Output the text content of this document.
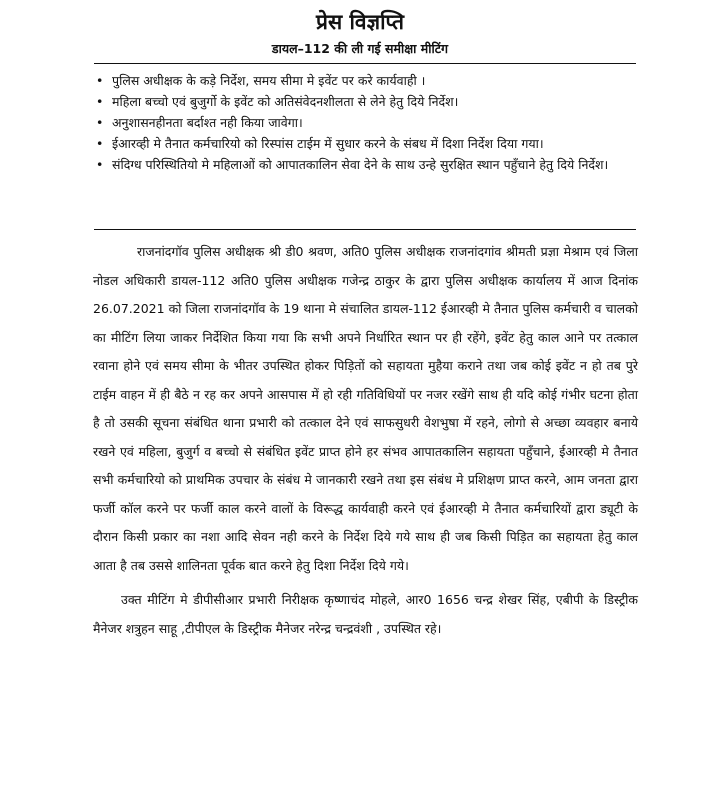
प्रेस विज्ञप्ति
डायल–112 की ली गई समीक्षा मीटिंग
• पुलिस अधीक्षक के कड़े निर्देश, समय सीमा मे इवेंट पर करे कार्यवाही ।
• महिला बच्चो एवं बुजुर्गो के इवेंट को अतिसंवेदनशीलता से लेने हेतु दिये निर्देश।
• अनुशासनहीनता बर्दाश्त नही किया जावेगा।
• ईआरव्ही मे तैनात कर्मचारियो को रिस्पांस टाईम में सुधार करने के संबध में दिशा निर्देश दिया गया।
• संदिग्ध परिस्थितियो मे महिलाओं को आपातकालिन सेवा देने के साथ उन्हे सुरक्षित स्थान पहुँचाने हेतु दिये निर्देश।

राजनांदगॉव पुलिस अधीक्षक श्री डी0 श्रवण, अति0 पुलिस अधीक्षक राजनांदगांव श्रीमती प्रज्ञा मेश्राम एवं जिला नोडल अधिकारी डायल-112 अति0 पुलिस अधीक्षक गजेन्द्र ठाकुर के द्वारा पुलिस अधीक्षक कार्यालय में आज दिनांक 26.07.2021 को जिला राजनांदगॉव के 19 थाना मे संचालित डायल-112 ईआरव्ही मे तैनात पुलिस कर्मचारी व चालको का मीटिंग लिया जाकर निर्देशित किया गया कि सभी अपने निर्धारित स्थान पर ही रहेंगे, इवेंट हेतु काल आने पर तत्काल रवाना होने एवं समय सीमा के भीतर उपस्थित होकर पिड़ितों को सहायता मुहैया कराने तथा जब कोई इवेंट न हो तब पुरे टाईम वाहन में ही बैठे न रह कर अपने आसपास में हो रही गतिविधियों पर नजर रखेंगे साथ ही यदि कोई गंभीर घटना होता है तो उसकी सूचना संबंधित थाना प्रभारी को तत्काल देने एवं साफसुधरी वेशभुषा में रहने, लोगो से अच्छा व्यवहार बनाये रखने एवं महिला, बुजुर्ग व बच्चो से संबंधित इवेंट प्राप्त होने हर संभव आपातकालिन सहायता पहुँचाने, ईआरव्ही मे तैनात सभी कर्मचारियो को प्राथमिक उपचार के संबंध मे जानकारी रखने तथा इस संबंध मे प्रशिक्षण प्राप्त करने, आम जनता द्वारा फर्जी कॉल करने पर फर्जी काल करने वालों के विरूद्ध कार्यवाही करने एवं ईआरव्ही मे तैनात कर्मचारियों द्वारा ड्यूटी के दौरान किसी प्रकार का नशा आदि सेवन नही करने के निर्देश दिये गये साथ ही जब किसी पिड़ित का सहायता हेतु काल आता है तब उससे शालिनता पूर्वक बात करने हेतु दिशा निर्देश दिये गये।

उक्त मीटिंग मे डीपीसीआर प्रभारी निरीक्षक कृष्णाचंद मोहले, आर0 1656 चन्द्र शेखर सिंह, एबीपी के डिस्ट्रीक मैनेजर शत्रुहन साहू ,टीपीएल के डिस्ट्रीक मैनेजर नरेन्द्र चन्द्रवंशी , उपस्थित रहे।
